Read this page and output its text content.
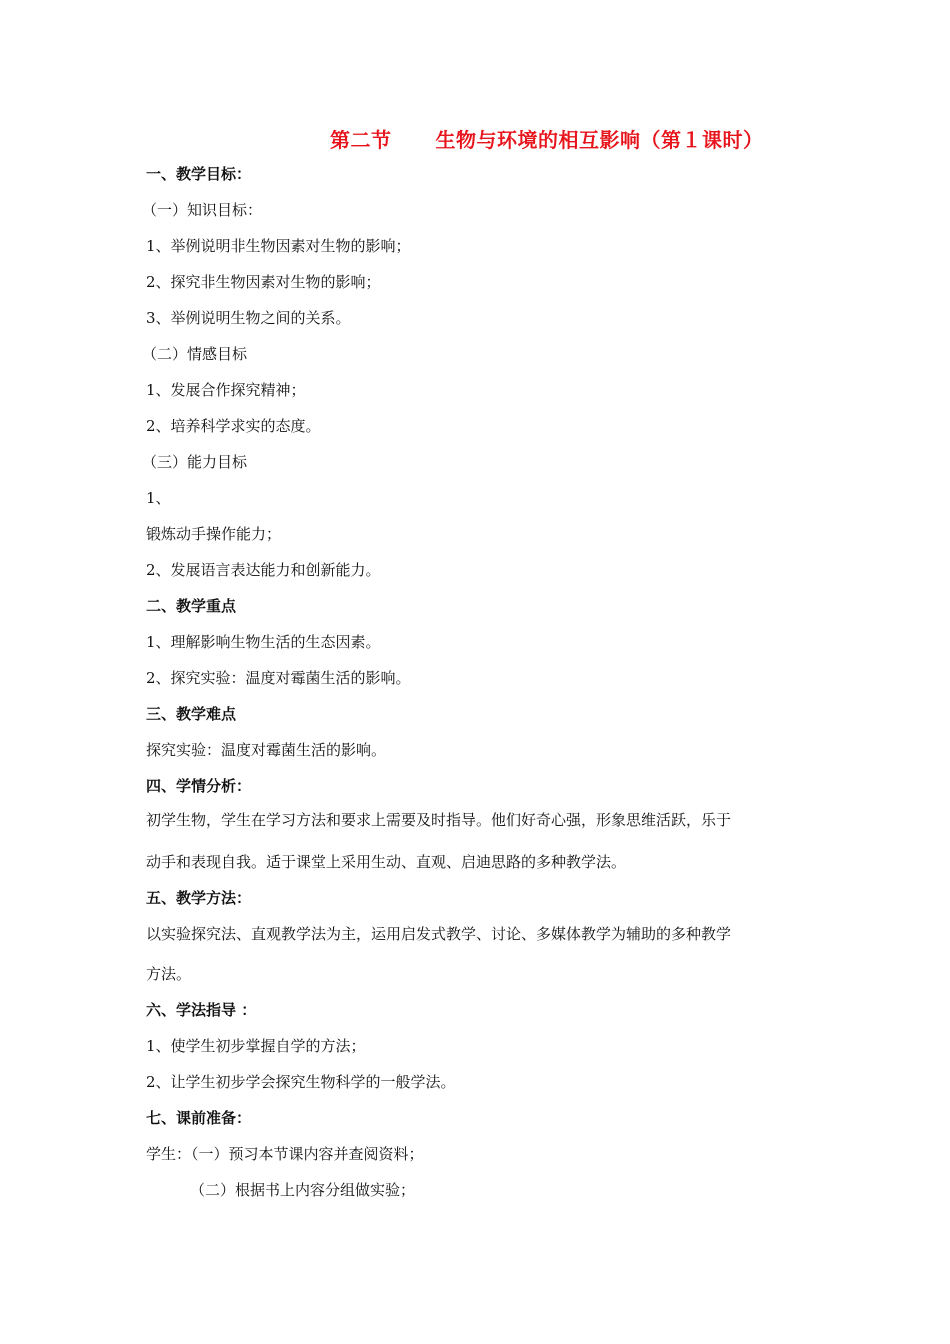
第二节 生物与环境的相互影响（第１课时）
一、教学目标：
（一）知识目标：
1、举例说明非生物因素对生物的影响；
2、探究非生物因素对生物的影响；
3、举例说明生物之间的关系。
（二）情感目标
1、发展合作探究精神；
2、培养科学求实的态度。
（三）能力目标
1、
锻炼动手操作能力；
2、发展语言表达能力和创新能力。
二、教学重点
1、理解影响生物生活的生态因素。
2、探究实验：温度对霉菌生活的影响。
三、教学难点
探究实验：温度对霉菌生活的影响。
四、学情分析：
初学生物，学生在学习方法和要求上需要及时指导。他们好奇心强，形象思维活跃，乐于
动手和表现自我。适于课堂上采用生动、直观、启迪思路的多种教学法。
五、教学方法：
以实验探究法、直观教学法为主，运用启发式教学、讨论、多媒体教学为辅助的多种教学
方法。
六、学法指导 ：
1、使学生初步掌握自学的方法；
2、让学生初步学会探究生物科学的一般学法。
七、课前准备：
学生：（一）预习本节课内容并查阅资料；
（二）根据书上内容分组做实验；
